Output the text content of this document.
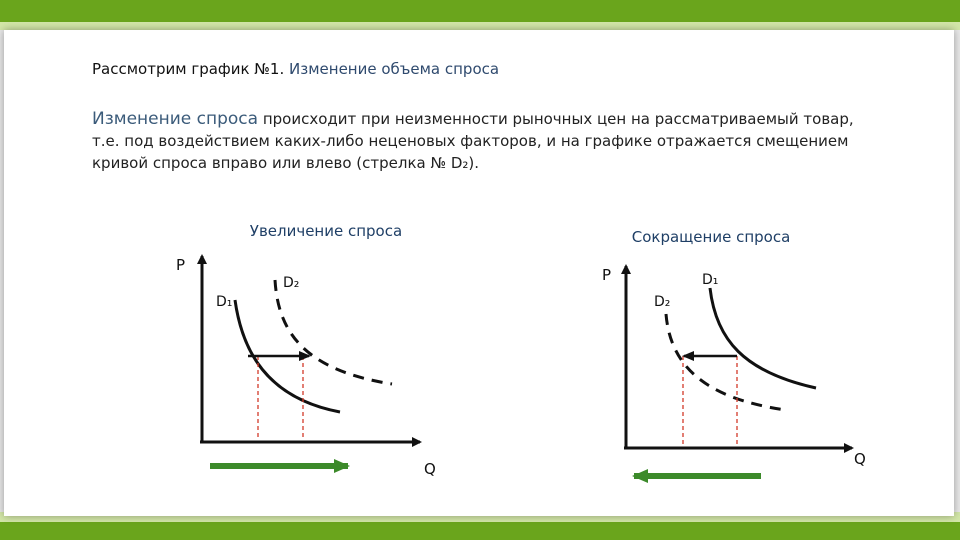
Рассмотрим график №1. Изменение объема спроса
Изменение спроса происходит при неизменности рыночных цен на рассматриваемый товар, т.е. под воздействием каких-либо неценовых факторов, и на графике отражается смещением кривой спроса вправо или влево (стрелка № D₂).
Увеличение спроса
P
Q
D₁
D₂
Сокращение спроса
P
Q
D₁
D₂
